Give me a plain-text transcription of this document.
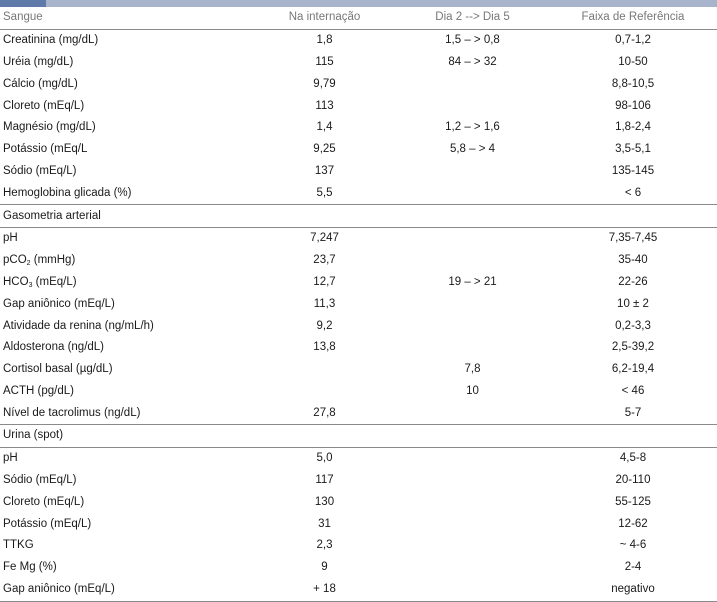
Sangue	Na internação	Dia 2 --> Dia 5	Faixa de Referência
Creatinina (mg/dL)	1,8	1,5 – > 0,8	0,7-1,2
Uréia (mg/dL)	115	84 – > 32	10-50
Cálcio (mg/dL)	9,79		8,8-10,5
Cloreto (mEq/L)	113		98-106
Magnésio (mg/dL)	1,4	1,2 – > 1,6	1,8-2,4
Potássio (mEq/L	9,25	5,8 – > 4	3,5-5,1
Sódio (mEq/L)	137		135-145
Hemoglobina glicada (%)	5,5		< 6
Gasometria arterial			
pH	7,247		7,35-7,45
pCO$_2$ (mmHg)	23,7		35-40
$HCO_3$ (mEq/L)	12,7	19 – > 21	22-26
Gap aniônico (mEq/L)	11,3		10 ± 2
Atividade da renina (ng/mL/h)	9,2		0,2-3,3
Aldosterona (ng/dL)	13,8		2,5-39,2
Cortisol basal (µg/dL)		7,8	6,2-19,4
ACTH (pg/dL)		10	< 46
Nível de tacrolimus (ng/dL)	27,8		5-7
Urina (spot)			
pH	5,0		4,5-8
Sódio (mEq/L)	117		20-110
Cloreto (mEq/L)	130		55-125
Potássio (mEq/L)	31		12-62
TTKG	2,3		~ 4-6
Fe Mg (%)	9		2-4
Gap aniônico (mEq/L)	+ 18		negativo
